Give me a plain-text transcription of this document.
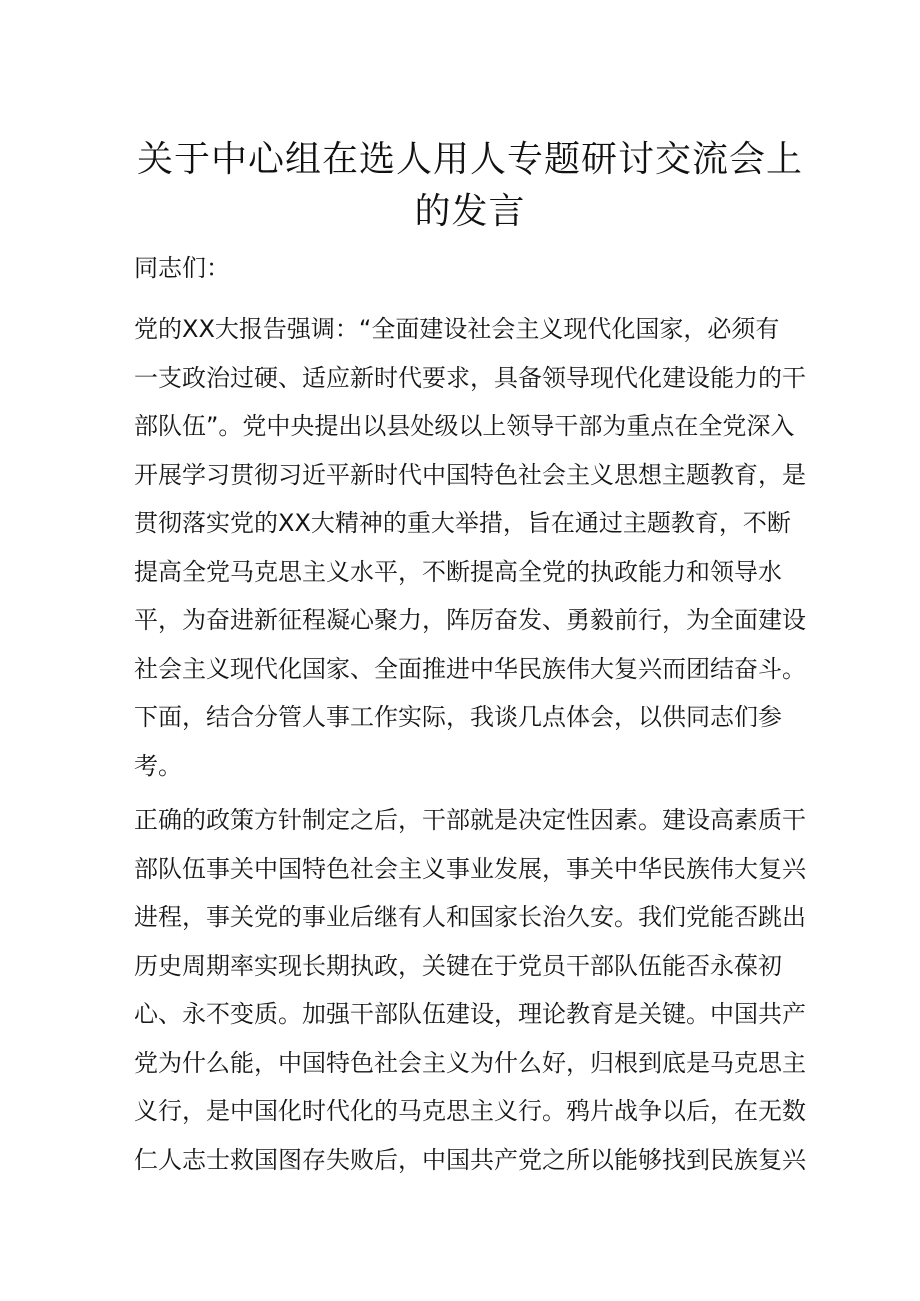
关于中心组在选人用人专题研讨交流会上
的发言
同志们：
党的XX大报告强调：“全面建设社会主义现代化国家，必须有
一支政治过硬、适应新时代要求，具备领导现代化建设能力的干
部队伍”。党中央提出以县处级以上领导干部为重点在全党深入
开展学习贯彻习近平新时代中国特色社会主义思想主题教育，是
贯彻落实党的XX大精神的重大举措，旨在通过主题教育，不断
提高全党马克思主义水平，不断提高全党的执政能力和领导水
平，为奋进新征程凝心聚力，阵厉奋发、勇毅前行，为全面建设
社会主义现代化国家、全面推进中华民族伟大复兴而团结奋斗。
下面，结合分管人事工作实际，我谈几点体会，以供同志们参
考。
正确的政策方针制定之后，干部就是决定性因素。建设高素质干
部队伍事关中国特色社会主义事业发展，事关中华民族伟大复兴
进程，事关党的事业后继有人和国家长治久安。我们党能否跳出
历史周期率实现长期执政，关键在于党员干部队伍能否永葆初
心、永不变质。加强干部队伍建设，理论教育是关键。中国共产
党为什么能，中国特色社会主义为什么好，归根到底是马克思主
义行，是中国化时代化的马克思主义行。鸦片战争以后，在无数
仁人志士救国图存失败后，中国共产党之所以能够找到民族复兴
